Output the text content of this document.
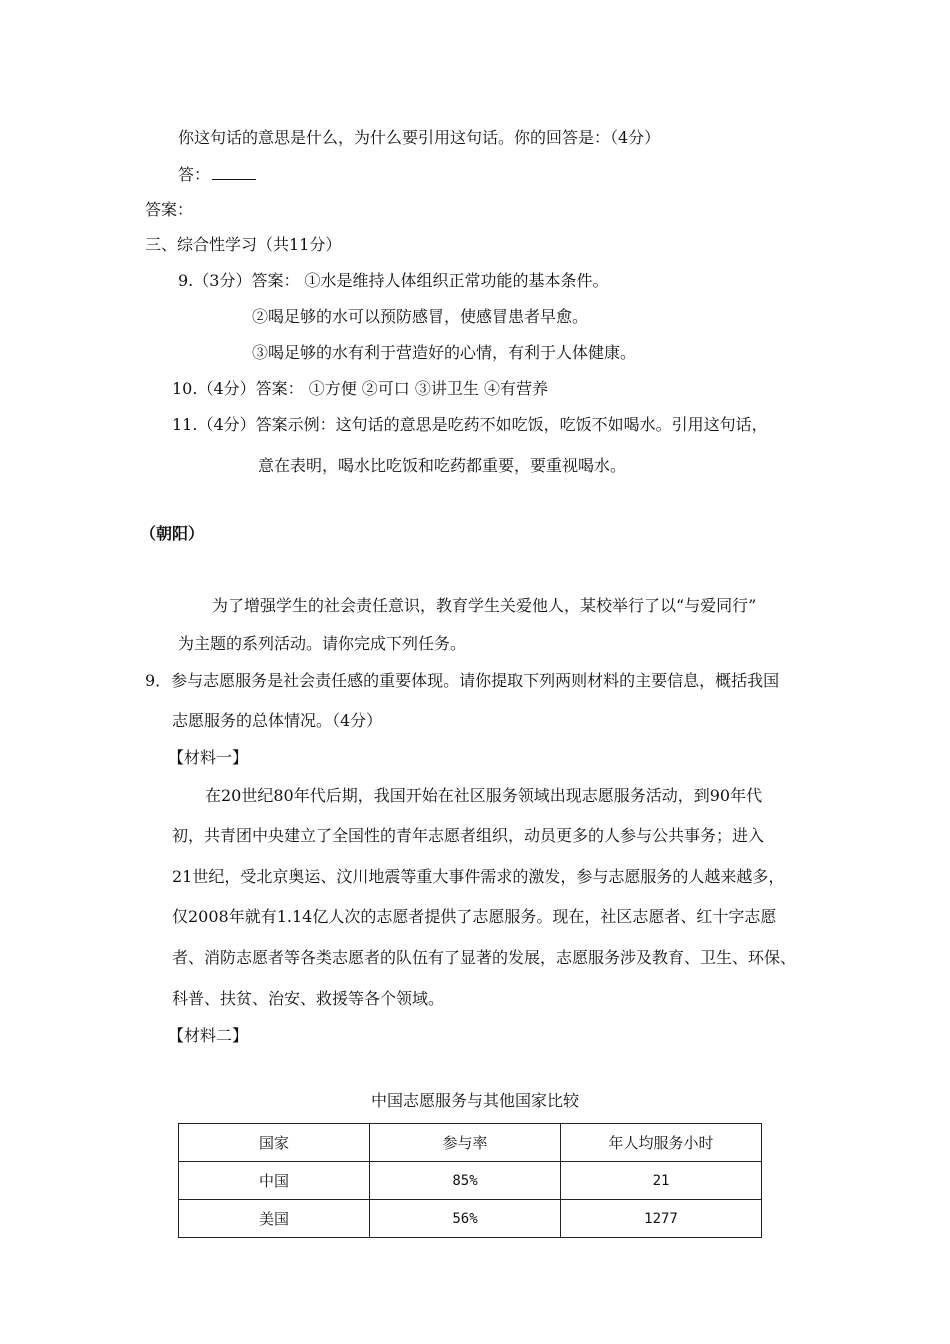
你这句话的意思是什么，为什么要引用这句话。你的回答是：（4分）
答：
答案：
三、综合性学习（共11分）
9.（3分）答案： ①水是维持人体组织正常功能的基本条件。
②喝足够的水可以预防感冒，使感冒患者早愈。
③喝足够的水有利于营造好的心情，有利于人体健康。
10.（4分）答案： ①方便 ②可口 ③讲卫生 ④有营养
11.（4分）答案示例：这句话的意思是吃药不如吃饭，吃饭不如喝水。引用这句话，
意在表明，喝水比吃饭和吃药都重要，要重视喝水。
（朝阳）
为了增强学生的社会责任意识，教育学生关爱他人，某校举行了以“与爱同行”
为主题的系列活动。请你完成下列任务。
9．参与志愿服务是社会责任感的重要体现。请你提取下列两则材料的主要信息，概括我国
志愿服务的总体情况。（4分）
【材料一】
在20世纪80年代后期，我国开始在社区服务领域出现志愿服务活动，到90年代
初，共青团中央建立了全国性的青年志愿者组织，动员更多的人参与公共事务；进入
21世纪，受北京奥运、汶川地震等重大事件需求的激发，参与志愿服务的人越来越多，
仅2008年就有1.14亿人次的志愿者提供了志愿服务。现在，社区志愿者、红十字志愿
者、消防志愿者等各类志愿者的队伍有了显著的发展，志愿服务涉及教育、卫生、环保、
科普、扶贫、治安、救援等各个领域。
【材料二】
中国志愿服务与其他国家比较
国家	参与率	年人均服务小时
中国	85%	21
美国	56%	1277
